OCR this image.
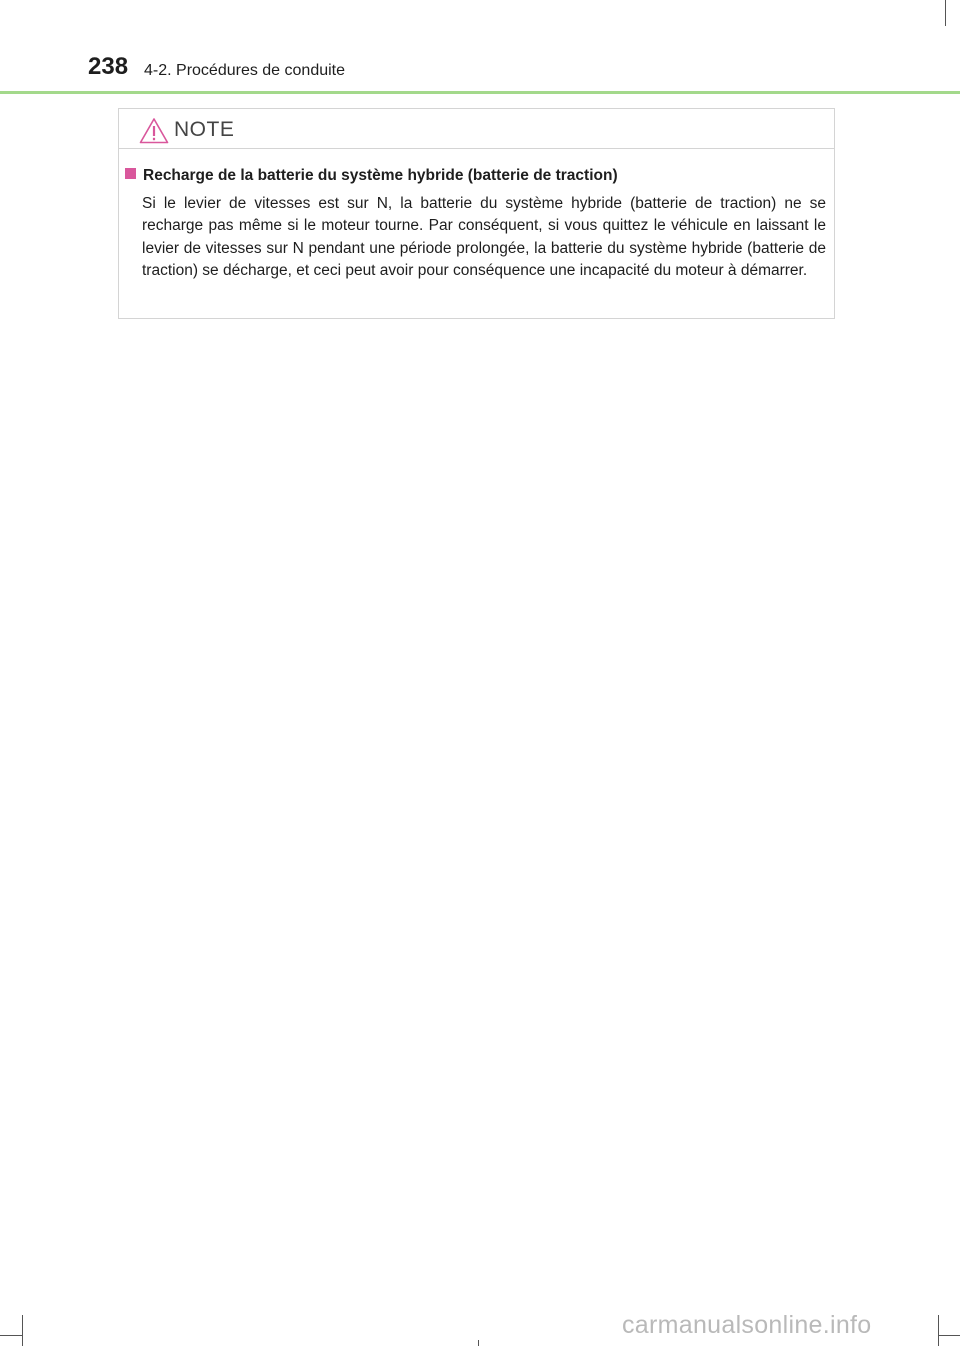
238 4-2. Procédures de conduite
NOTE
Recharge de la batterie du système hybride (batterie de traction)
Si le levier de vitesses est sur N, la batterie du système hybride (batterie de traction) ne se recharge pas même si le moteur tourne. Par conséquent, si vous quittez le véhicule en laissant le levier de vitesses sur N pendant une période prolongée, la batterie du système hybride (batterie de traction) se décharge, et ceci peut avoir pour conséquence une incapacité du moteur à démarrer.
carmanualsonline.info
